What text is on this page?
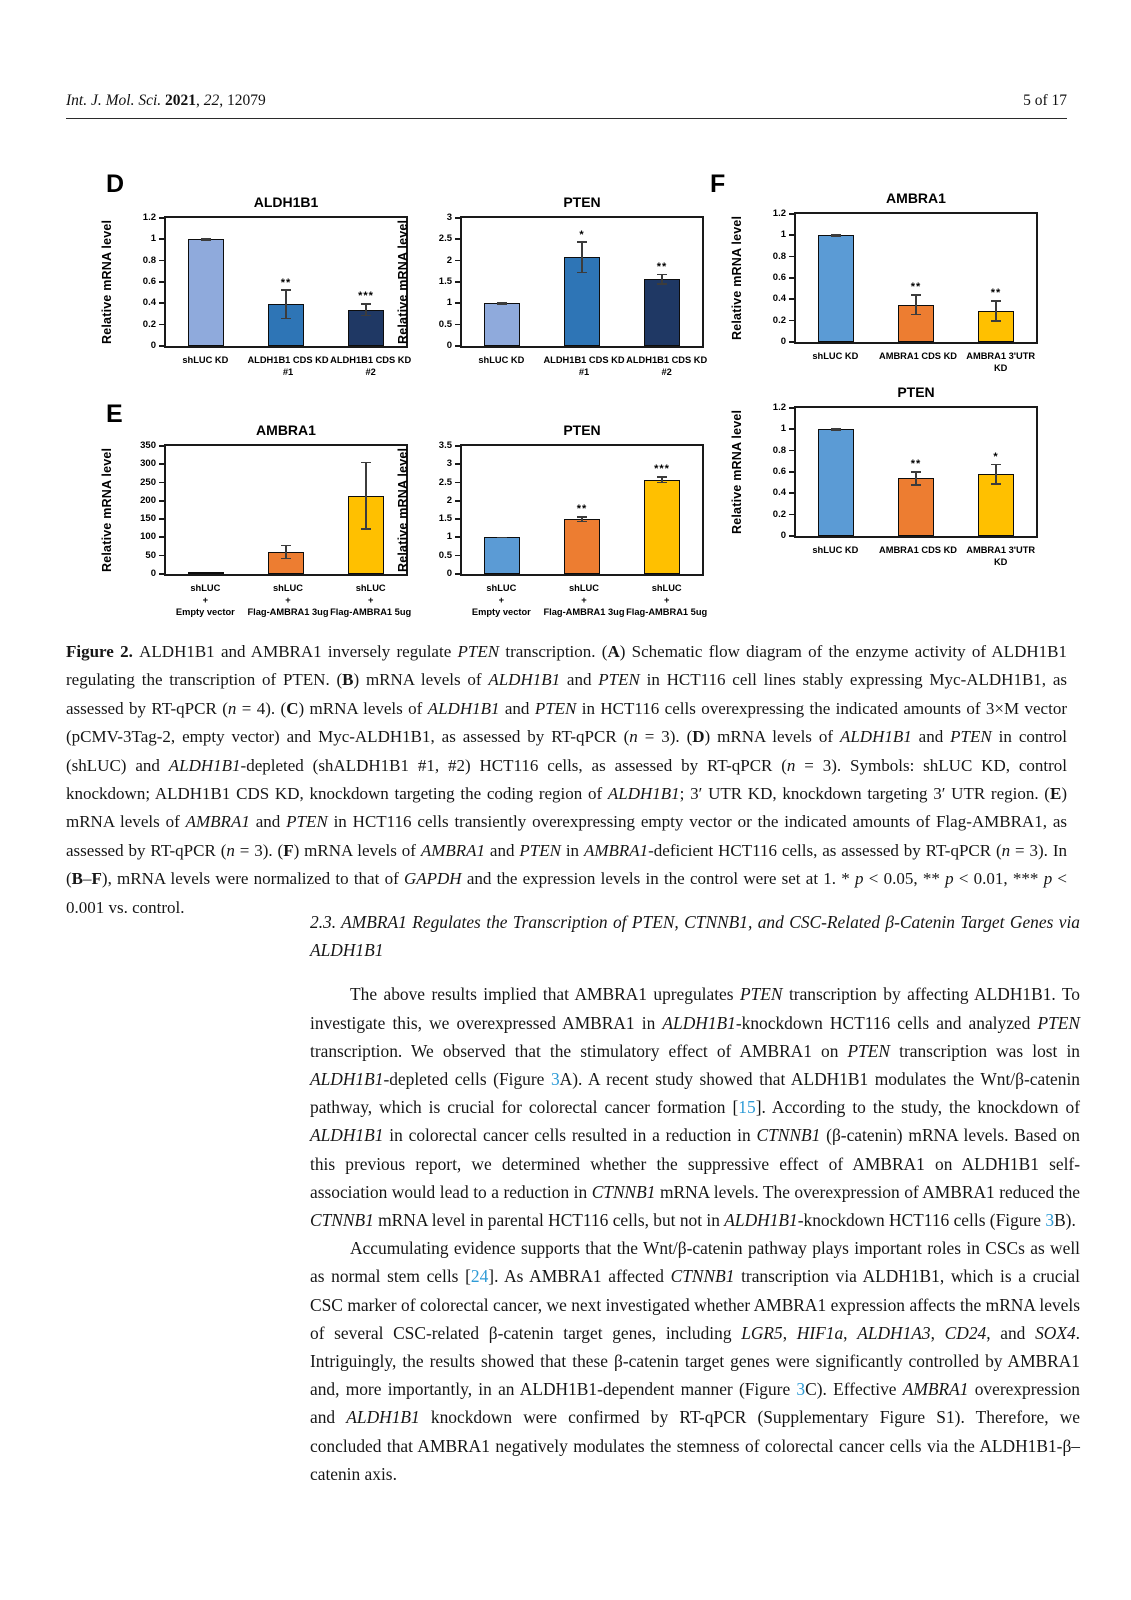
Int. J. Mol. Sci. 2021, 22, 12079	5 of 17
D
E
F
ALDH1B1
Relative mRNA level
0
0.2
0.4
0.6
0.8
1
1.2
**
***
shLUC KD	ALDH1B1 CDS KD
#1
ALDH1B1 CDS KD
#2
PTEN
Relative mRNA level
0
0.5
1
1.5
2
2.5
3
*
**
shLUC KD	ALDH1B1 CDS KD
#1
ALDH1B1 CDS KD
#2
AMBRA1
Relative mRNA level
0
0.2
0.4
0.6
0.8
1
1.2
**
**
shLUC KD	AMBRA1 CDS KD AMBRA1 3'UTR
KD
PTEN
Relative mRNA level
0
0.2
0.4
0.6
0.8
1
1.2
**
*
shLUC KD	AMBRA1 CDS KD AMBRA1 3'UTR
KD
AMBRA1
Relative mRNA level
0
50
100
150
200
250
300
350
shLUC
+
Empty vector
shLUC
+
Flag-AMBRA1 3ug
shLUC
+
Flag-AMBRA1 5ug
PTEN
Relative mRNA level
0
0.5
1
1.5
2
2.5
3
3.5
**
***
shLUC
+
Empty vector
shLUC
+
Flag-AMBRA1 3ug
shLUC
+
Flag-AMBRA1 5ug
Figure 2. ALDH1B1 and AMBRA1 inversely regulate PTEN transcription. (A) Schematic flow diagram of the enzyme activity of ALDH1B1 regulating the transcription of PTEN. (B) mRNA levels of ALDH1B1 and PTEN in HCT116 cell lines stably expressing Myc-ALDH1B1, as assessed by RT-qPCR (n = 4). (C) mRNA levels of ALDH1B1 and PTEN in HCT116 cells overexpressing the indicated amounts of 3×M vector (pCMV-3Tag-2, empty vector) and Myc-ALDH1B1, as assessed by RT-qPCR (n = 3). (D) mRNA levels of ALDH1B1 and PTEN in control (shLUC) and ALDH1B1-depleted (shALDH1B1 #1, #2) HCT116 cells, as assessed by RT-qPCR (n = 3). Symbols: shLUC KD, control knockdown; ALDH1B1 CDS KD, knockdown targeting the coding region of ALDH1B1; 3′ UTR KD, knockdown targeting 3′ UTR region. (E) mRNA levels of AMBRA1 and PTEN in HCT116 cells transiently overexpressing empty vector or the indicated amounts of Flag-AMBRA1, as assessed by RT-qPCR (n = 3). (F) mRNA levels of AMBRA1 and PTEN in AMBRA1-deficient HCT116 cells, as assessed by RT-qPCR (n = 3). In (B–F), mRNA levels were normalized to that of GAPDH and the expression levels in the control were set at 1. * p < 0.05, ** p < 0.01, *** p < 0.001 vs. control.

2.3. AMBRA1 Regulates the Transcription of PTEN, CTNNB1, and CSC-Related β-Catenin Target Genes via ALDH1B1

The above results implied that AMBRA1 upregulates PTEN transcription by affecting ALDH1B1. To investigate this, we overexpressed AMBRA1 in ALDH1B1-knockdown HCT116 cells and analyzed PTEN transcription. We observed that the stimulatory effect of AMBRA1 on PTEN transcription was lost in ALDH1B1-depleted cells (Figure 3A). A recent study showed that ALDH1B1 modulates the Wnt/β-catenin pathway, which is crucial for colorectal cancer formation [15]. According to the study, the knockdown of ALDH1B1 in colorectal cancer cells resulted in a reduction in CTNNB1 (β-catenin) mRNA levels. Based on this previous report, we determined whether the suppressive effect of AMBRA1 on ALDH1B1 self-association would lead to a reduction in CTNNB1 mRNA levels. The overexpression of AMBRA1 reduced the CTNNB1 mRNA level in parental HCT116 cells, but not in ALDH1B1-knockdown HCT116 cells (Figure 3B).

Accumulating evidence supports that the Wnt/β-catenin pathway plays important roles in CSCs as well as normal stem cells [24]. As AMBRA1 affected CTNNB1 transcription via ALDH1B1, which is a crucial CSC marker of colorectal cancer, we next investigated whether AMBRA1 expression affects the mRNA levels of several CSC-related β-catenin target genes, including LGR5, HIF1a, ALDH1A3, CD24, and SOX4. Intriguingly, the results showed that these β-catenin target genes were significantly controlled by AMBRA1 and, more importantly, in an ALDH1B1-dependent manner (Figure 3C). Effective AMBRA1 overexpression and ALDH1B1 knockdown were confirmed by RT-qPCR (Supplementary Figure S1). Therefore, we concluded that AMBRA1 negatively modulates the stemness of colorectal cancer cells via the ALDH1B1-β–catenin axis.
